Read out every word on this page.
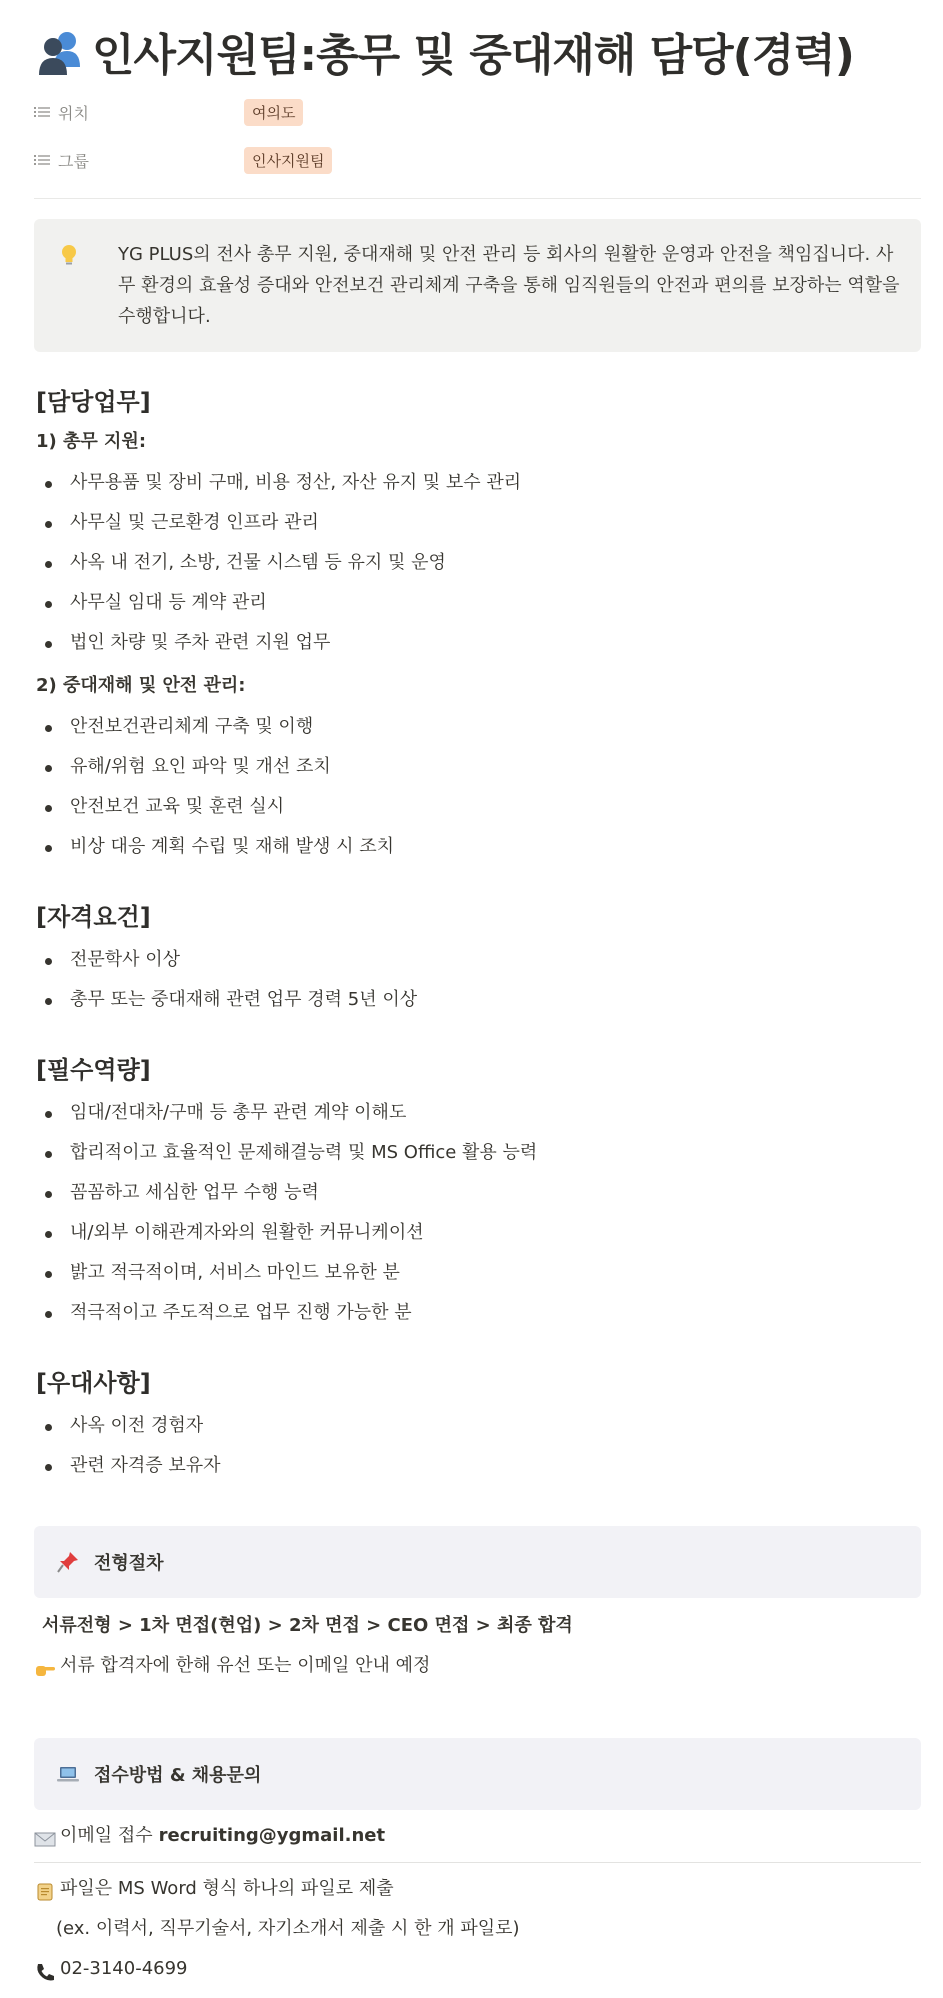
인사지원팀:총무 및 중대재해 담당(경력)
위치	여의도
그룹	인사지원팀
YG PLUS의 전사 총무 지원, 중대재해 및 안전 관리 등 회사의 원활한 운영과 안전을 책임집니다. 사무 환경의 효율성 증대와 안전보건 관리체계 구축을 통해 임직원들의 안전과 편의를 보장하는 역할을 수행합니다.
[담당업무]
1) 총무 지원:
사무용품 및 장비 구매, 비용 정산, 자산 유지 및 보수 관리
사무실 및 근로환경 인프라 관리
사옥 내 전기, 소방, 건물 시스템 등 유지 및 운영
사무실 임대 등 계약 관리
법인 차량 및 주차 관련 지원 업무
2) 중대재해 및 안전 관리:
안전보건관리체계 구축 및 이행
유해/위험 요인 파악 및 개선 조치
안전보건 교육 및 훈련 실시
비상 대응 계획 수립 및 재해 발생 시 조치
[자격요건]
전문학사 이상
총무 또는 중대재해 관련 업무 경력 5년 이상
[필수역량]
임대/전대차/구매 등 총무 관련 계약 이해도
합리적이고 효율적인 문제해결능력 및 MS Office 활용 능력
꼼꼼하고 세심한 업무 수행 능력
내/외부 이해관계자와의 원활한 커뮤니케이션
밝고 적극적이며, 서비스 마인드 보유한 분
적극적이고 주도적으로 업무 진행 가능한 분
[우대사항]
사옥 이전 경험자
관련 자격증 보유자
전형절차
서류전형 > 1차 면접(현업) > 2차 면접 > CEO 면접 > 최종 합격
서류 합격자에 한해 유선 또는 이메일 안내 예정
접수방법 & 채용문의
이메일 접수 recruiting@ygmail.net
파일은 MS Word 형식 하나의 파일로 제출
(ex. 이력서, 직무기술서, 자기소개서 제출 시 한 개 파일로)
02-3140-4699
